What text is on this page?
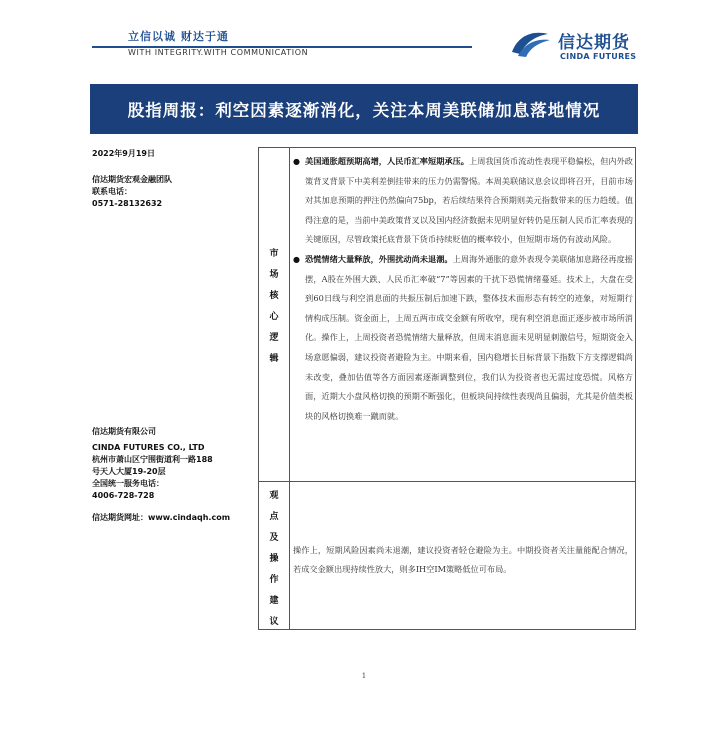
立信以诚 财达于通
WITH INTEGRITY.WITH COMMUNICATION	信达期货
CINDA FUTURES
股指周报：利空因素逐渐消化，关注本周美联储加息落地情况
2022年9月19日
信达期货宏观金融团队
联系电话：
0571-28132632
信达期货有限公司
CINDA FUTURES CO., LTD
杭州市萧山区宁围街道利一路188
号天人大厦19-20层
全国统一服务电话：
4006-728-728
信达期货网址：www.cindaqh.com
市
场
核
心
逻
辑
观
点
及
操
作
建
议
● 美国通胀超预期高增，人民币汇率短期承压。上周我国货币流动性表现平稳偏松，但内外政策背叉背景下中美利差倒挂带来的压力仍需警惕。本周美联储议息会议即将召开，目前市场对其加息预期的押注仍然偏向75bp，若后续结果符合预期则美元指数带来的压力趋缓。值得注意的是，当前中美政策背叉以及国内经济数据未见明显好转仍是压制人民币汇率表现的关键原因，尽管政策托底背景下货币持续贬值的概率较小，但短期市场仍有波动风险。
● 恐慌情绪大量释放，外围扰动尚未退潮。上周海外通胀的意外表现令美联储加息路径再度摇摆，A股在外围大跌、人民币汇率破“7”等因素的干扰下恐慌情绪蔓延。技术上，大盘在受到60日线与利空消息面的共振压制后加速下跌，整体技术面形态有转空的迹象，对短期行情构成压制。资金面上，上周五两市成交金额有所收窄，现有利空消息面正逐步被市场所消化。操作上，上周投资者恐慌情绪大量释放，但周末消息面未见明显刺激信号，短期资金入场意愿偏弱，建议投资者避险为主。中期来看，国内稳增长目标背景下指数下方支撑逻辑尚未改变，叠加估值等各方面因素逐渐调整到位，我们认为投资者也无需过度恐慌。风格方面，近期大小盘风格切换的预期不断强化，但板块间持续性表现尚且偏弱，尤其是价值类板块的风格切换难一蹴而就。
操作上，短期风险因素尚未退潮，建议投资者轻仓避险为主。中期投资者关注量能配合情况，若成交金额出现持续性放大，则多IH空IM策略低位可布局。
1
